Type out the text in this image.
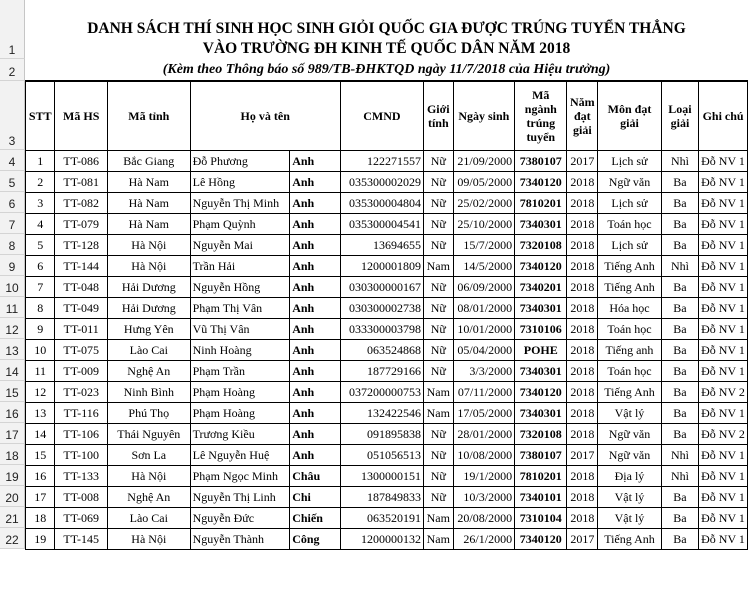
1
2
3
4
5
6
7
8
9
10
11
12
13
14
15
16
17
18
19
20
21
22
DANH SÁCH THÍ SINH HỌC SINH GIỎI QUỐC GIA ĐƯỢC TRÚNG TUYỂN THẲNG
VÀO TRƯỜNG ĐH KINH TẾ QUỐC DÂN NĂM 2018
(Kèm theo Thông báo số 989/TB-ĐHKTQD ngày 11/7/2018 của Hiệu trưởng)
STT	Mã HS	Mã tỉnh	Họ và tên		CMND	Giới tính	Ngày sinh	Mã ngành trúng tuyển	Năm đạt giải	Môn đạt giải	Loại giải	Ghi chú
1	TT-086	Bắc Giang	Đỗ Phương	Anh	122271557	Nữ	21/09/2000	7380107	2017	Lịch sử	Nhì	Đỗ NV 1
2	TT-081	Hà Nam	Lê Hồng	Anh	035300002029	Nữ	09/05/2000	7340120	2018	Ngữ văn	Ba	Đỗ NV 1
3	TT-082	Hà Nam	Nguyễn Thị Minh	Anh	035300004804	Nữ	25/02/2000	7810201	2018	Lịch sử	Ba	Đỗ NV 1
4	TT-079	Hà Nam	Phạm Quỳnh	Anh	035300004541	Nữ	25/10/2000	7340301	2018	Toán học	Ba	Đỗ NV 1
5	TT-128	Hà Nội	Nguyễn Mai	Anh	13694655	Nữ	15/7/2000	7320108	2018	Lịch sử	Ba	Đỗ NV 1
6	TT-144	Hà Nội	Trần Hải	Anh	1200001809	Nam	14/5/2000	7340120	2018	Tiếng Anh	Nhì	Đỗ NV 1
7	TT-048	Hải Dương	Nguyễn Hồng	Anh	030300000167	Nữ	06/09/2000	7340201	2018	Tiếng Anh	Ba	Đỗ NV 1
8	TT-049	Hải Dương	Phạm Thị Vân	Anh	030300002738	Nữ	08/01/2000	7340301	2018	Hóa học	Ba	Đỗ NV 1
9	TT-011	Hưng Yên	Vũ Thị Vân	Anh	033300003798	Nữ	10/01/2000	7310106	2018	Toán học	Ba	Đỗ NV 1
10	TT-075	Lào Cai	Ninh Hoàng	Anh	063524868	Nữ	05/04/2000	POHE	2018	Tiếng anh	Ba	Đỗ NV 1
11	TT-009	Nghệ An	Phạm Trần	Anh	187729166	Nữ	3/3/2000	7340301	2018	Toán học	Ba	Đỗ NV 1
12	TT-023	Ninh Bình	Phạm Hoàng	Anh	037200000753	Nam	07/11/2000	7340120	2018	Tiếng Anh	Ba	Đỗ NV 2
13	TT-116	Phú Thọ	Phạm Hoàng	Anh	132422546	Nam	17/05/2000	7340301	2018	Vật lý	Ba	Đỗ NV 1
14	TT-106	Thái Nguyên	Trương Kiều	Anh	091895838	Nữ	28/01/2000	7320108	2018	Ngữ văn	Ba	Đỗ NV 2
15	TT-100	Sơn La	Lê Nguyễn Huệ	Anh	051056513	Nữ	10/08/2000	7380107	2017	Ngữ văn	Nhì	Đỗ NV 1
16	TT-133	Hà Nội	Phạm Ngọc Minh	Châu	1300000151	Nữ	19/1/2000	7810201	2018	Địa lý	Nhì	Đỗ NV 1
17	TT-008	Nghệ An	Nguyễn Thị Linh	Chi	187849833	Nữ	10/3/2000	7340101	2018	Vật lý	Ba	Đỗ NV 1
18	TT-069	Lào Cai	Nguyễn Đức	Chiến	063520191	Nam	20/08/2000	7310104	2018	Vật lý	Ba	Đỗ NV 1
19	TT-145	Hà Nội	Nguyễn Thành	Công	1200000132	Nam	26/1/2000	7340120	2017	Tiếng Anh	Ba	Đỗ NV 1
